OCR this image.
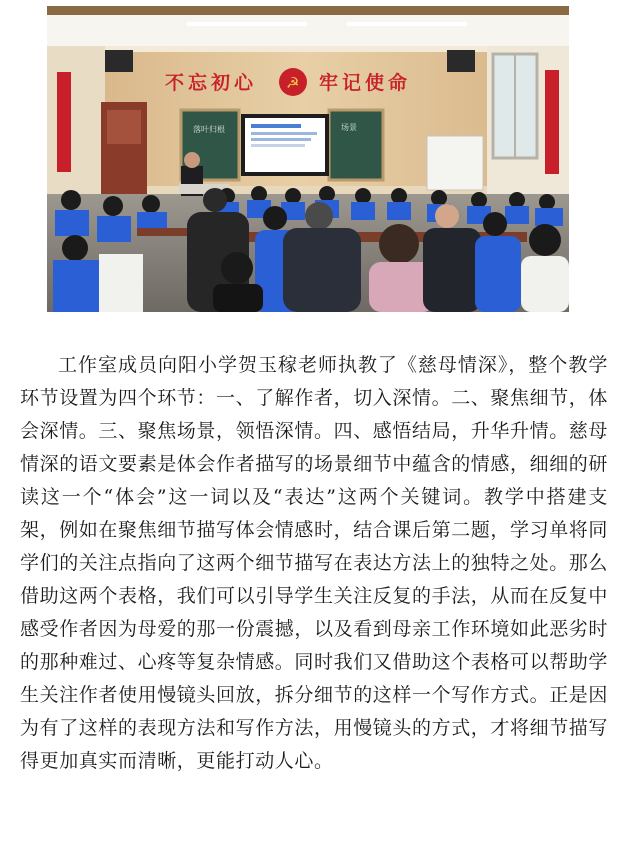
不忘初心 ☭ 牢记使命
落叶归根	场景

工作室成员向阳小学贺玉稼老师执教了《慈母情深》，整个教学环节设置为四个环节：一、了解作者，切入深情。二、聚焦细节，体会深情。三、聚焦场景，领悟深情。四、感悟结局，升华升情。慈母情深的语文要素是体会作者描写的场景细节中蕴含的情感，细细的研读这一个“体会”这一词以及“表达”这两个关键词。教学中搭建支架，例如在聚焦细节描写体会情感时，结合课后第二题，学习单将同学们的关注点指向了这两个细节描写在表达方法上的独特之处。那么借助这两个表格，我们可以引导学生关注反复的手法，从而在反复中感受作者因为母爱的那一份震撼，以及看到母亲工作环境如此恶劣时的那种难过、心疼等复杂情感。同时我们又借助这个表格可以帮助学生关注作者使用慢镜头回放，拆分细节的这样一个写作方式。正是因为有了这样的表现方法和写作方法，用慢镜头的方式，才将细节描写得更加真实而清晰，更能打动人心。
